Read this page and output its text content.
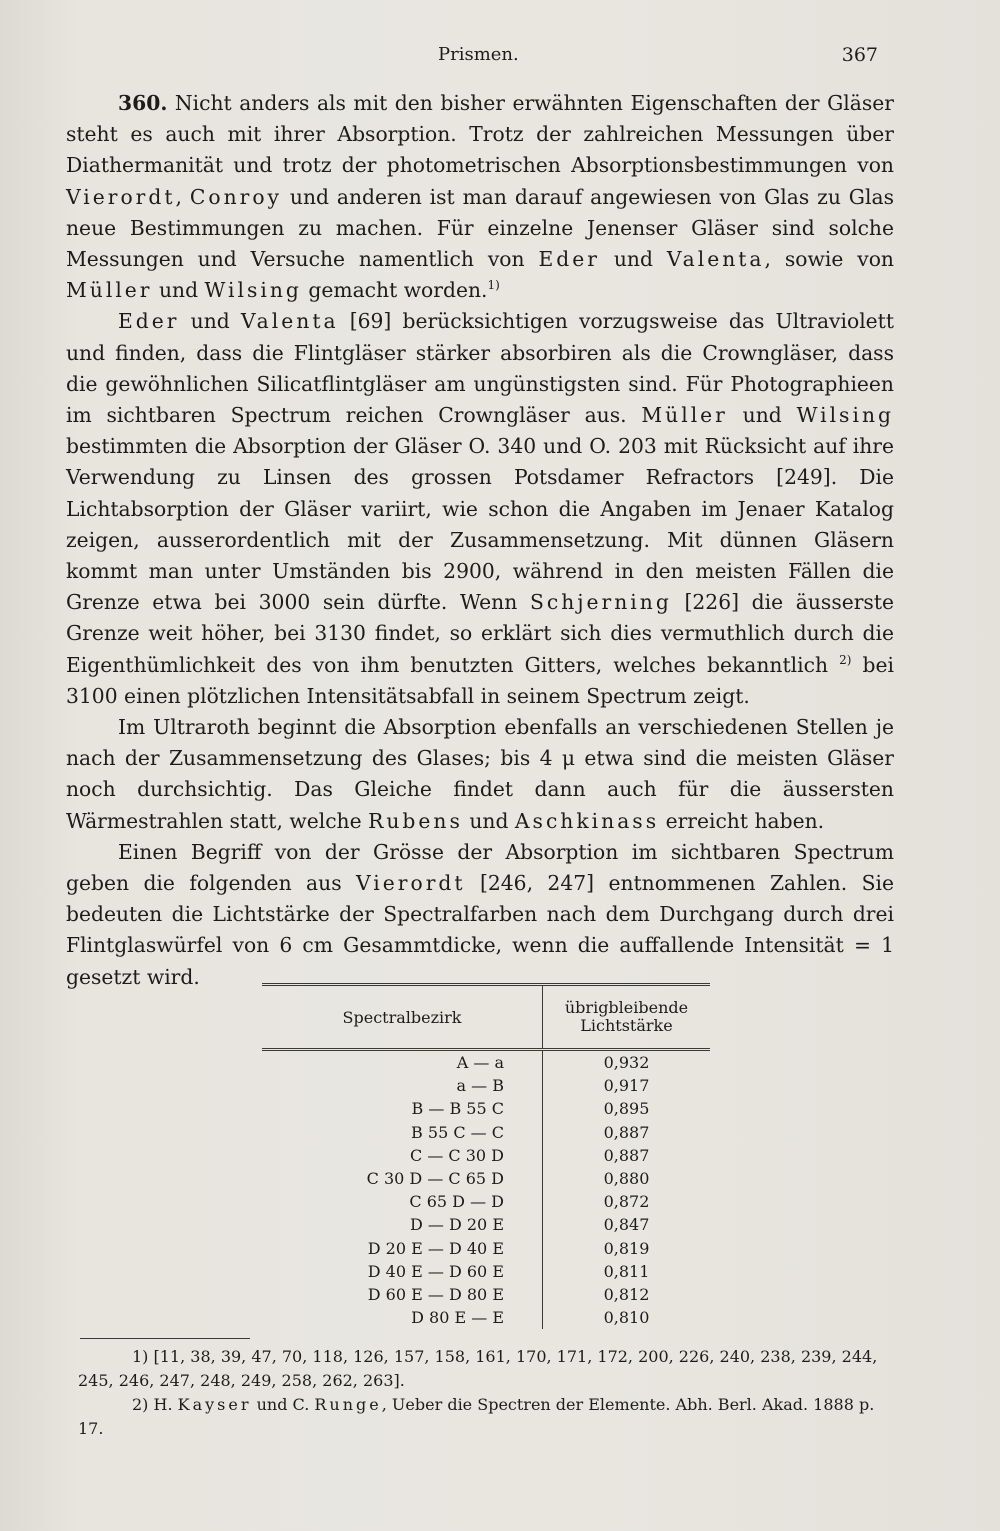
Prismen.	367

360. Nicht anders als mit den bisher erwähnten Eigenschaften der Gläser steht es auch mit ihrer Absorption. Trotz der zahlreichen Messungen über Diathermanität und trotz der photometrischen Absorptionsbestimmungen von Vierordt, Conroy und anderen ist man darauf angewiesen von Glas zu Glas neue Bestimmungen zu machen. Für einzelne Jenenser Gläser sind solche Messungen und Versuche namentlich von Eder und Valenta, sowie von Müller und Wilsing gemacht worden.$^{1)}$

Eder und Valenta [69] berücksichtigen vorzugsweise das Ultraviolett und finden, dass die Flintgläser stärker absorbiren als die Crowngläser, dass die gewöhnlichen Silicatflintgläser am ungünstigsten sind. Für Photographieen im sichtbaren Spectrum reichen Crowngläser aus. Müller und Wilsing bestimmten die Absorption der Gläser O. 340 und O. 203 mit Rücksicht auf ihre Verwendung zu Linsen des grossen Potsdamer Refractors [249]. Die Lichtabsorption der Gläser variirt, wie schon die Angaben im Jenaer Katalog zeigen, ausserordentlich mit der Zusammensetzung. Mit dünnen Gläsern kommt man unter Umständen bis 2900, während in den meisten Fällen die Grenze etwa bei 3000 sein dürfte. Wenn Schjerning [226] die äusserste Grenze weit höher, bei 3130 findet, so erklärt sich dies vermuthlich durch die Eigenthümlichkeit des von ihm benutzten Gitters, welches bekanntlich $^{2)}$ bei 3100 einen plötzlichen Intensitätsabfall in seinem Spectrum zeigt.

Im Ultraroth beginnt die Absorption ebenfalls an verschiedenen Stellen je nach der Zusammensetzung des Glases; bis 4 μ etwa sind die meisten Gläser noch durchsichtig. Das Gleiche findet dann auch für die äussersten Wärmestrahlen statt, welche Rubens und Aschkinass erreicht haben.

Einen Begriff von der Grösse der Absorption im sichtbaren Spectrum geben die folgenden aus Vierordt [246, 247] entnommenen Zahlen. Sie bedeuten die Lichtstärke der Spectralfarben nach dem Durchgang durch drei Flintglaswürfel von 6 cm Gesammtdicke, wenn die auffallende Intensität = 1 gesetzt wird.

Spectralbezirk	übrigbleibende
Lichtstärke
A — a	0,932
a — B	0,917
B — B 55 C	0,895
B 55 C — C	0,887
C — C 30 D	0,887
C 30 D — C 65 D	0,880
C 65 D — D	0,872
D — D 20 E	0,847
D 20 E — D 40 E	0,819
D 40 E — D 60 E	0,811
D 60 E — D 80 E	0,812
D 80 E — E	0,810

1) [11, 38, 39, 47, 70, 118, 126, 157, 158, 161, 170, 171, 172, 200, 226, 240, 238, 239, 244, 245, 246, 247, 248, 249, 258, 262, 263].

2) H. Kayser und C. Runge, Ueber die Spectren der Elemente. Abh. Berl. Akad. 1888 p. 17.
